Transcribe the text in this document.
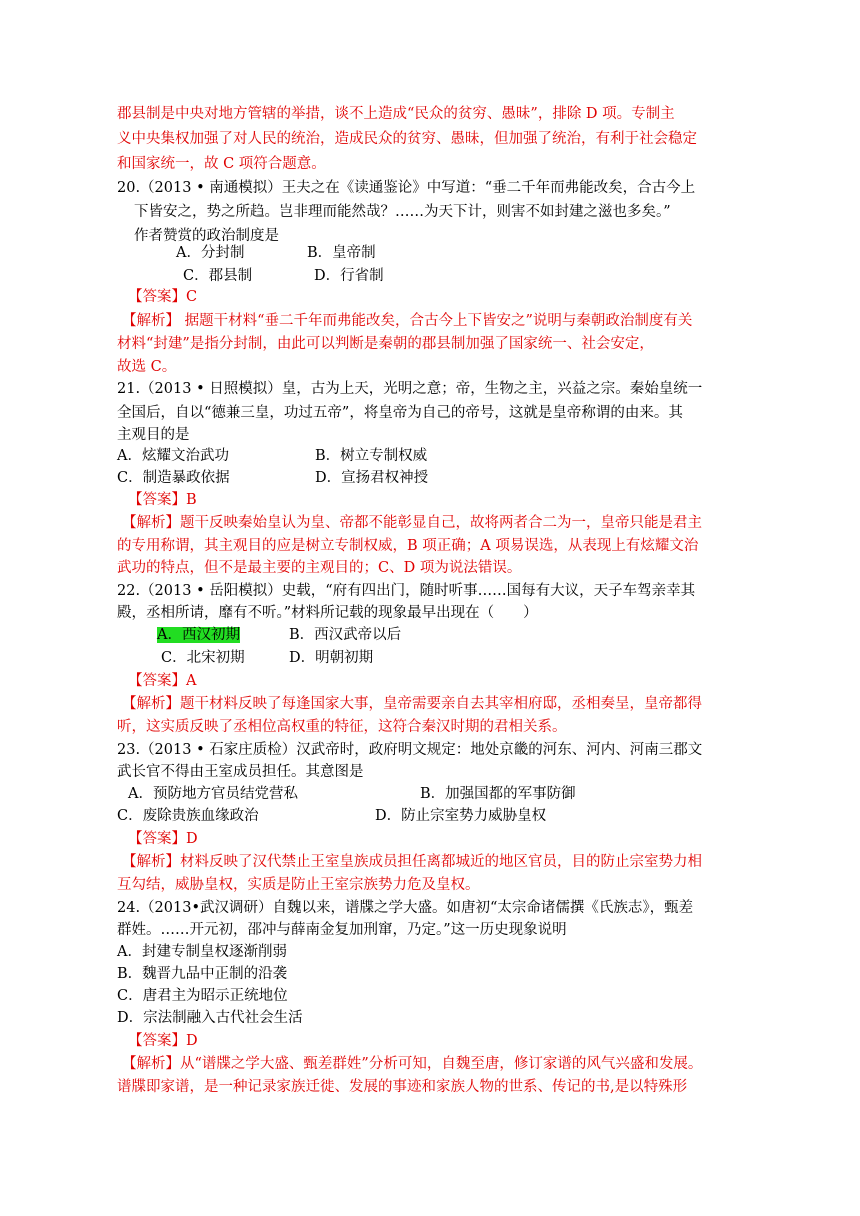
郡县制是中央对地方管辖的举措，谈不上造成“民众的贫穷、愚昧”，排除 D 项。专制主
义中央集权加强了对人民的统治，造成民众的贫穷、愚昧，但加强了统治，有利于社会稳定
和国家统一，故 C 项符合题意。
20.（2013 • 南通模拟）王夫之在《读通鉴论》中写道：“垂二千年而弗能改矣，合古今上
下皆安之，势之所趋。岂非理而能然哉？……为天下计，则害不如封建之滋也多矣。”
作者赞赏的政治制度是
A．分封制	B．皇帝制
C．郡县制	D．行省制
【答案】C
【解析】 据题干材料“垂二千年而弗能改矣，合古今上下皆安之”说明与秦朝政治制度有关
材料“封建”是指分封制，由此可以判断是秦朝的郡县制加强了国家统一、社会安定，
故选 C。
21.（2013 • 日照模拟）皇，古为上天，光明之意；帝，生物之主，兴益之宗。秦始皇统一
全国后，自以“德兼三皇，功过五帝”，将皇帝为自己的帝号，这就是皇帝称谓的由来。其
主观目的是
A．炫耀文治武功	B．树立专制权威
C．制造暴政依据	D．宣扬君权神授
【答案】B
【解析】题干反映秦始皇认为皇、帝都不能彰显自己，故将两者合二为一，皇帝只能是君主
的专用称谓，其主观目的应是树立专制权威，B 项正确；A 项易误选，从表现上有炫耀文治
武功的特点，但不是最主要的主观目的；C、D 项为说法错误。
22.（2013 • 岳阳模拟）史载，“府有四出门，随时听事……国每有大议，天子车驾亲幸其
殿，丞相所请，靡有不听。”材料所记载的现象最早出现在（　　）
A．西汉初期	B．西汉武帝以后
C．北宋初期	D．明朝初期
【答案】A
【解析】题干材料反映了每逢国家大事，皇帝需要亲自去其宰相府邸，丞相奏呈，皇帝都得
听，这实质反映了丞相位高权重的特征，这符合秦汉时期的君相关系。
23.（2013 • 石家庄质检）汉武帝时，政府明文规定：地处京畿的河东、河内、河南三郡文
武长官不得由王室成员担任。其意图是
A．预防地方官员结党营私	B．加强国都的军事防御
C．废除贵族血缘政治	D．防止宗室势力威胁皇权
【答案】D
【解析】材料反映了汉代禁止王室皇族成员担任离都城近的地区官员，目的防止宗室势力相
互勾结，威胁皇权，实质是防止王室宗族势力危及皇权。
24.（2013•武汉调研）自魏以来，谱牒之学大盛。如唐初“太宗命诸儒撰《氏族志》，甄差
群姓。……开元初，邵冲与薛南金复加刑窜，乃定。”这一历史现象说明
A．封建专制皇权逐渐削弱
B．魏晋九品中正制的沿袭
C．唐君主为昭示正统地位
D．宗法制融入古代社会生活
【答案】D
【解析】从“谱牒之学大盛、甄差群姓”分析可知，自魏至唐，修订家谱的风气兴盛和发展。
谱牒即家谱，是一种记录家族迁徙、发展的事迹和家族人物的世系、传记的书,是以特殊形
